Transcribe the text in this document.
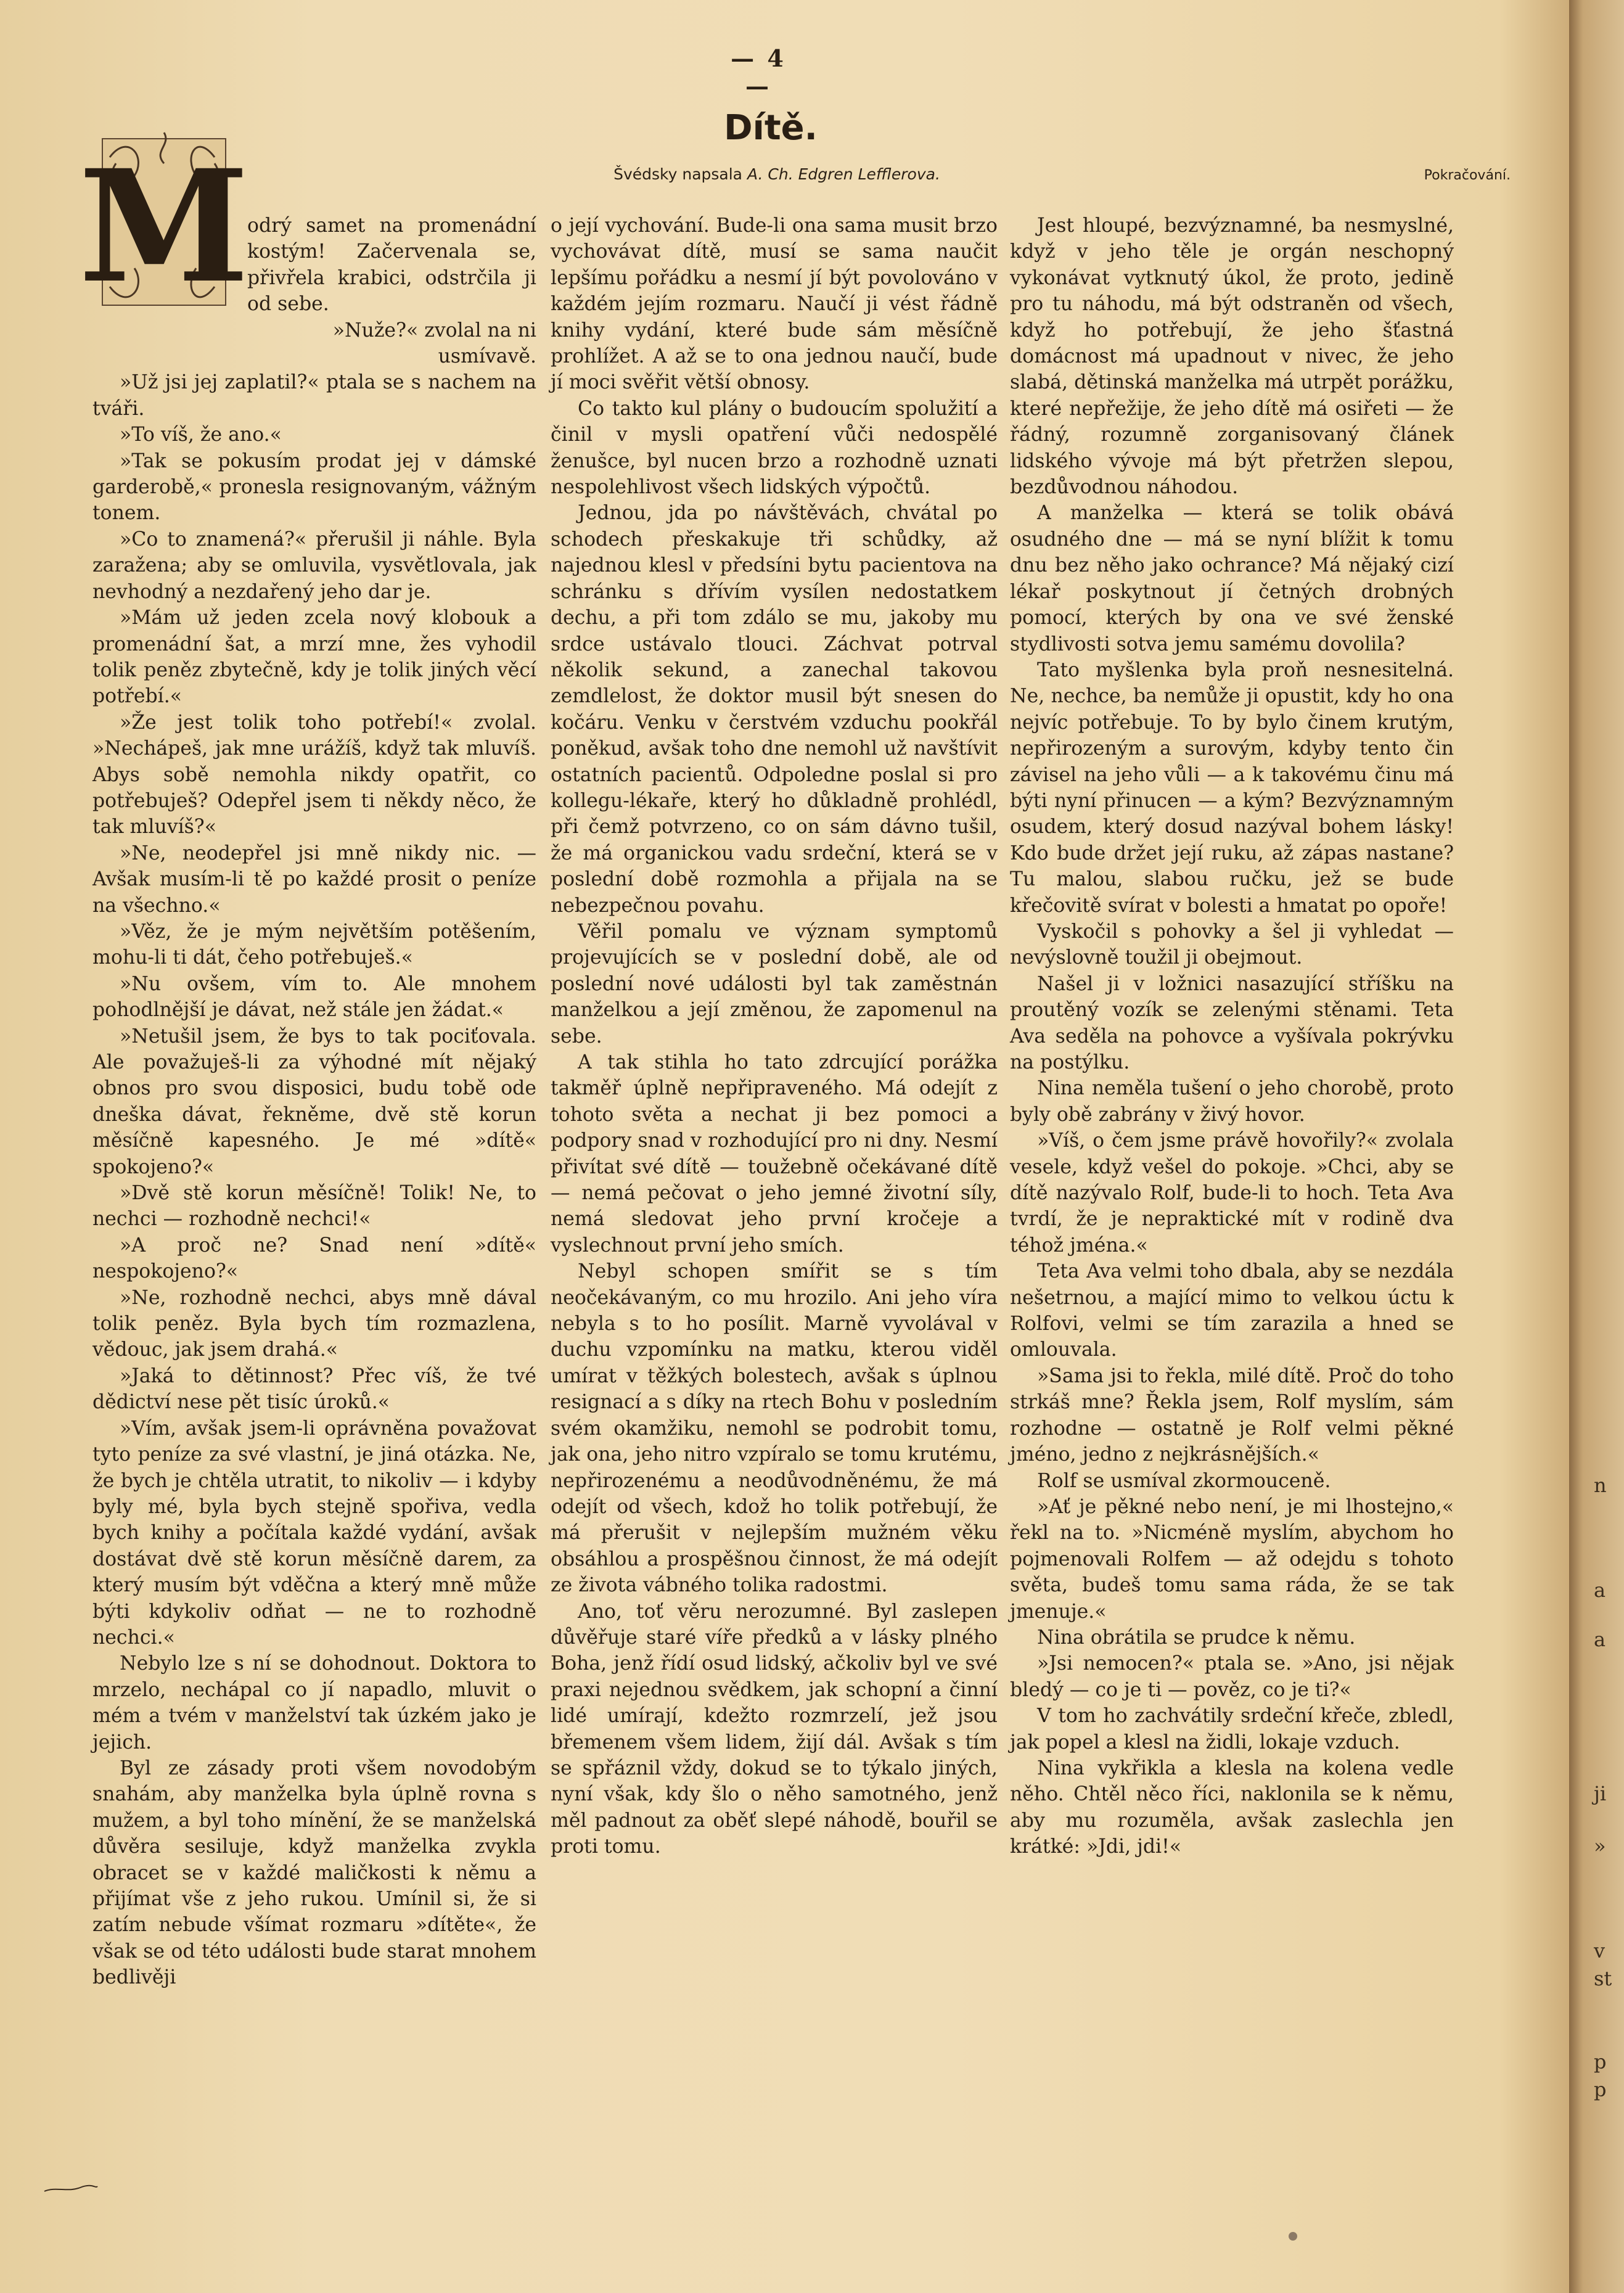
n
a
a
ji
»
v
st
p
p
— 4 —
Dítě.
Švédsky napsala A. Ch. Edgren Lefflerova.	Pokračování.
M

odrý samet na promenádní kostým! Začervenala se, přivřela krabici, odstrčila ji od sebe.

»Nuže?« zvolal na ni usmívavě.

»Už jsi jej zaplatil?« ptala se s nachem na tváři.

»To víš, že ano.«

»Tak se pokusím prodat jej v dámské garderobě,« pronesla resignovaným, vážným tonem.

»Co to znamená?« přerušil ji náhle. Byla zaražena; aby se omluvila, vysvětlovala, jak nevhodný a nezdařený jeho dar je.

»Mám už jeden zcela nový klobouk a promenádní šat, a mrzí mne, žes vyhodil tolik peněz zbytečně, kdy je tolik jiných věcí potřebí.«

»Že jest tolik toho potřebí!« zvolal. »Nechápeš, jak mne urážíš, když tak mluvíš. Abys sobě nemohla nikdy opatřit, co potřebuješ? Odepřel jsem ti někdy něco, že tak mluvíš?«

»Ne, neodepřel jsi mně nikdy nic. — Avšak musím-li tě po každé prosit o peníze na všechno.«

»Věz, že je mým největším potěšením, mohu-li ti dát, čeho potřebuješ.«

»Nu ovšem, vím to. Ale mnohem pohodlnější je dávat, než stále jen žádat.«

»Netušil jsem, že bys to tak pociťovala. Ale považuješ-li za výhodné mít nějaký obnos pro svou disposici, budu tobě ode dneška dávat, řekněme, dvě stě korun měsíčně kapesného. Je mé »dítě« spokojeno?«

»Dvě stě korun měsíčně! Tolik! Ne, to nechci — rozhodně nechci!«

»A proč ne? Snad není »dítě« nespokojeno?«

»Ne, rozhodně nechci, abys mně dával tolik peněz. Byla bych tím rozmazlena, vědouc, jak jsem drahá.«

»Jaká to dětinnost? Přec víš, že tvé dědictví nese pět tisíc úroků.«

»Vím, avšak jsem-li oprávněna považovat tyto peníze za své vlastní, je jiná otázka. Ne, že bych je chtěla utratit, to nikoliv — i kdyby byly mé, byla bych stejně spořiva, vedla bych knihy a počítala každé vydání, avšak dostávat dvě stě korun měsíčně darem, za který musím být vděčna a který mně může býti kdykoliv odňat — ne to rozhodně nechci.«

Nebylo lze s ní se dohodnout. Doktora to mrzelo, nechápal co jí napadlo, mluvit o mém a tvém v manželství tak úzkém jako je jejich.

Byl ze zásady proti všem novodobým snahám, aby manželka byla úplně rovna s mužem, a byl toho mínění, že se manželská důvěra sesiluje, když manželka zvykla obracet se v každé maličkosti k němu a přijímat vše z jeho rukou. Umínil si, že si zatím nebude všímat rozmaru »dítěte«, že však se od této události bude starat mnohem bedlivěji

o její vychování. Bude-li ona sama musit brzo vychovávat dítě, musí se sama naučit lepšímu pořádku a nesmí jí být povolováno v každém jejím rozmaru. Naučí ji vést řádně knihy vydání, které bude sám měsíčně prohlížet. A až se to ona jednou naučí, bude jí moci svěřit větší obnosy.

Co takto kul plány o budoucím spolužití a činil v mysli opatření vůči nedospělé ženušce, byl nucen brzo a rozhodně uznati nespolehlivost všech lidských výpočtů.

Jednou, jda po návštěvách, chvátal po schodech přeskakuje tři schůdky, až najednou klesl v předsíni bytu pacientova na schránku s dřívím vysílen nedostatkem dechu, a při tom zdálo se mu, jakoby mu srdce ustávalo tlouci. Záchvat potrval několik sekund, a zanechal takovou zemdlelost, že doktor musil být snesen do kočáru. Venku v čerstvém vzduchu pookřál poněkud, avšak toho dne nemohl už navštívit ostatních pacientů. Odpoledne poslal si pro kollegu-lékaře, který ho důkladně prohlédl, při čemž potvrzeno, co on sám dávno tušil, že má organickou vadu srdeční, která se v poslední době rozmohla a přijala na se nebezpečnou povahu.

Věřil pomalu ve význam symptomů projevujících se v poslední době, ale od poslední nové události byl tak zaměstnán manželkou a její změnou, že zapomenul na sebe.

A tak stihla ho tato zdrcující porážka takměř úplně nepřipraveného. Má odejít z tohoto světa a nechat ji bez pomoci a podpory snad v rozhodující pro ni dny. Nesmí přivítat své dítě — toužebně očekávané dítě — nemá pečovat o jeho jemné životní síly, nemá sledovat jeho první kročeje a vyslechnout první jeho smích.

Nebyl schopen smířit se s tím neočekávaným, co mu hrozilo. Ani jeho víra nebyla s to ho posílit. Marně vyvolával v duchu vzpomínku na matku, kterou viděl umírat v těžkých bolestech, avšak s úplnou resignací a s díky na rtech Bohu v posledním svém okamžiku, nemohl se podrobit tomu, jak ona, jeho nitro vzpíralo se tomu krutému, nepřirozenému a neodůvodněnému, že má odejít od všech, kdož ho tolik potřebují, že má přerušit v nejlepším mužném věku obsáhlou a prospěšnou činnost, že má odejít ze života vábného tolika radostmi.

Ano, toť věru nerozumné. Byl zaslepen důvěřuje staré víře předků a v lásky plného Boha, jenž řídí osud lidský, ačkoliv byl ve své praxi nejednou svědkem, jak schopní a činní lidé umírají, kdežto rozmrzelí, jež jsou břemenem všem lidem, žijí dál. Avšak s tím se spřáznil vždy, dokud se to týkalo jiných, nyní však, kdy šlo o něho samotného, jenž měl padnout za oběť slepé náhodě, bouřil se proti tomu.

Jest hloupé, bezvýznamné, ba nesmyslné, když v jeho těle je orgán neschopný vykonávat vytknutý úkol, že proto, jedině pro tu náhodu, má být odstraněn od všech, když ho potřebují, že jeho šťastná domácnost má upadnout v nivec, že jeho slabá, dětinská manželka má utrpět porážku, které nepřežije, že jeho dítě má osiřeti — že řádný, rozumně zorganisovaný článek lidského vývoje má být přetržen slepou, bezdůvodnou náhodou.

A manželka — která se tolik obává osudného dne — má se nyní blížit k tomu dnu bez něho jako ochrance? Má nějaký cizí lékař poskytnout jí četných drobných pomocí, kterých by ona ve své ženské stydlivosti sotva jemu samému dovolila?

Tato myšlenka byla proň nesnesitelná. Ne, nechce, ba nemůže ji opustit, kdy ho ona nejvíc potřebuje. To by bylo činem krutým, nepřirozeným a surovým, kdyby tento čin závisel na jeho vůli — a k takovému činu má býti nyní přinucen — a kým? Bezvýznamným osudem, který dosud nazýval bohem lásky! Kdo bude držet její ruku, až zápas nastane? Tu malou, slabou ručku, jež se bude křečovitě svírat v bolesti a hmatat po opoře!

Vyskočil s pohovky a šel ji vyhledat — nevýslovně toužil ji obejmout.

Našel ji v ložnici nasazující stříšku na proutěný vozík se zelenými stěnami. Teta Ava seděla na pohovce a vyšívala pokrývku na postýlku.

Nina neměla tušení o jeho chorobě, proto byly obě zabrány v živý hovor.

»Víš, o čem jsme právě hovořily?« zvolala vesele, když vešel do pokoje. »Chci, aby se dítě nazývalo Rolf, bude-li to hoch. Teta Ava tvrdí, že je nepraktické mít v rodině dva téhož jména.«

Teta Ava velmi toho dbala, aby se nezdála nešetrnou, a mající mimo to velkou úctu k Rolfovi, velmi se tím zarazila a hned se omlouvala.

»Sama jsi to řekla, milé dítě. Proč do toho strkáš mne? Řekla jsem, Rolf myslím, sám rozhodne — ostatně je Rolf velmi pěkné jméno, jedno z nejkrásnějších.«

Rolf se usmíval zkormouceně.

»Ať je pěkné nebo není, je mi lhostejno,« řekl na to. »Nicméně myslím, abychom ho pojmenovali Rolfem — až odejdu s tohoto světa, budeš tomu sama ráda, že se tak jmenuje.«

Nina obrátila se prudce k němu.

»Jsi nemocen?« ptala se. »Ano, jsi nějak bledý — co je ti — pověz, co je ti?«

V tom ho zachvátily srdeční křeče, zbledl, jak popel a klesl na židli, lokaje vzduch.

Nina vykřikla a klesla na kolena vedle něho. Chtěl něco říci, naklonila se k němu, aby mu rozuměla, avšak zaslechla jen krátké: »Jdi, jdi!«
